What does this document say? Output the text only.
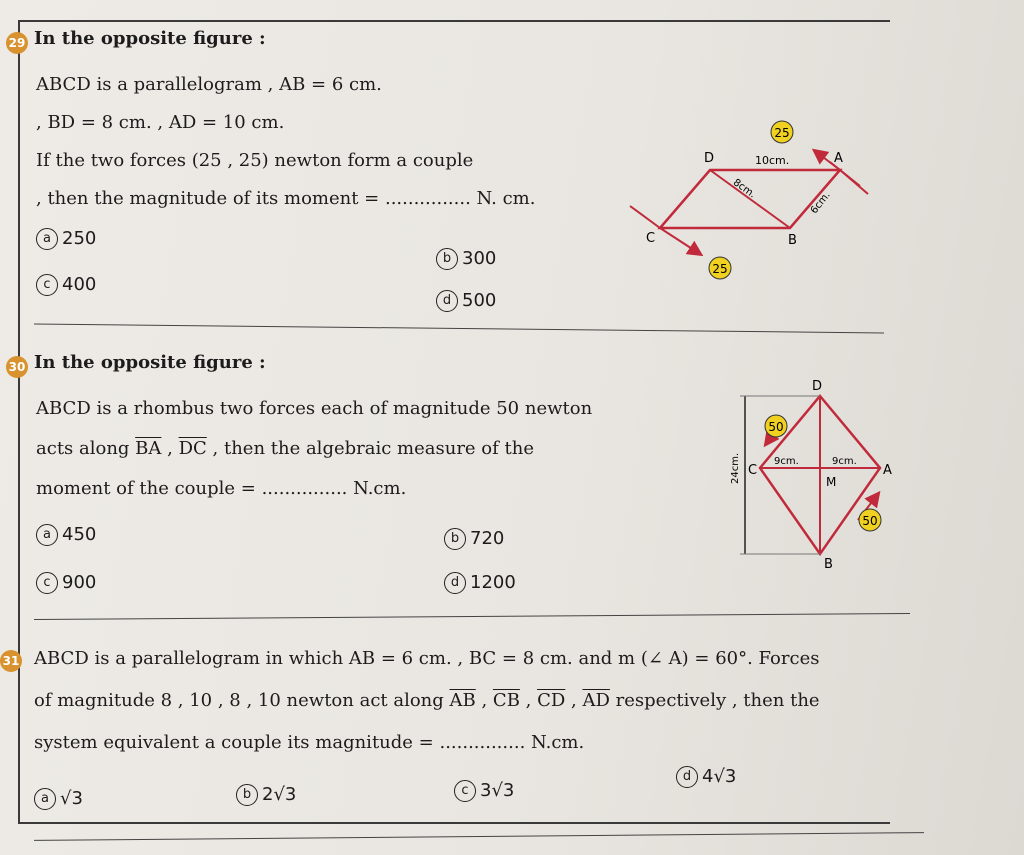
29 In the opposite figure :
ABCD is a parallelogram , AB = 6 cm.
, BD = 8 cm. , AD = 10 cm.
If the two forces (25 , 25) newton form a couple
, then the magnitude of its moment = ............... N. cm.
a 250
b 300
c 400
d 500
25
25
D	A
B
C
10cm.
8cm.
6cm.
30 In the opposite figure :
ABCD is a rhombus two forces each of magnitude 50 newton
acts along $\overline{BA}$ , $\overline{DC}$ , then the algebraic measure of the
moment of the couple = ............... N.cm.
a 450	b 720
c 900	d 1200
50
50
D
A
B
C
M
9cm.	9cm.
24cm.
31 ABCD is a parallelogram in which AB = 6 cm. , BC = 8 cm. and m (∠ A) = 60°. Forces
of magnitude 8 , 10 , 8 , 10 newton act along $\overline{AB}$ , $\overline{CB}$ , $\overline{CD}$ , $\overline{AD}$ respectively , then the
system equivalent a couple its magnitude = ............... N.cm.
a √3	b 2√3	c 3√3
d 4√3
